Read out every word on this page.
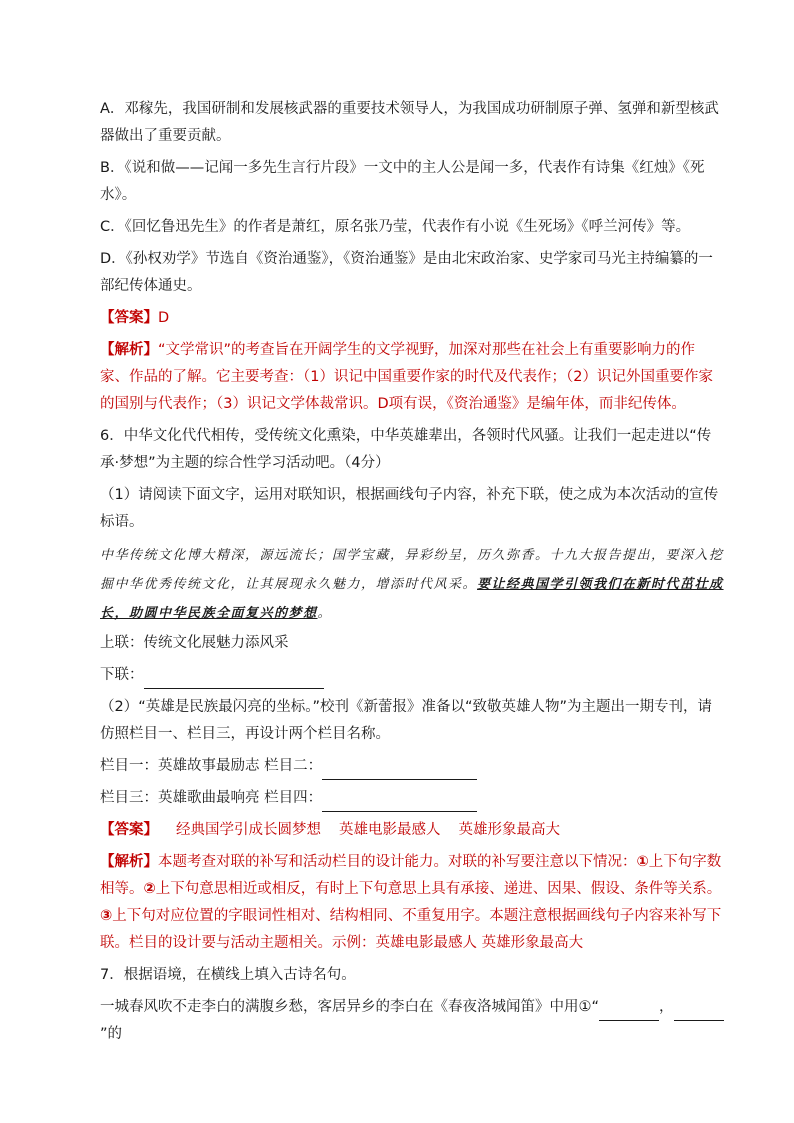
A．邓稼先，我国研制和发展核武器的重要技术领导人，为我国成功研制原子弹、氢弹和新型核武器做出了重要贡献。

B．《说和做——记闻一多先生言行片段》一文中的主人公是闻一多，代表作有诗集《红烛》《死水》。

C．《回忆鲁迅先生》的作者是萧红，原名张乃莹，代表作有小说《生死场》《呼兰河传》等。

D．《孙权劝学》节选自《资治通鉴》，《资治通鉴》是由北宋政治家、史学家司马光主持编纂的一部纪传体通史。

【答案】D

【解析】“文学常识”的考查旨在开阔学生的文学视野，加深对那些在社会上有重要影响力的作家、作品的了解。它主要考查：（1）识记中国重要作家的时代及代表作；（2）识记外国重要作家的国别与代表作；（3）识记文学体裁常识。D项有误，《资治通鉴》是编年体，而非纪传体。

6．中华文化代代相传，受传统文化熏染，中华英雄辈出，各领时代风骚。让我们一起走进以“传承·梦想”为主题的综合性学习活动吧。（4分）

（1）请阅读下面文字，运用对联知识，根据画线句子内容，补充下联，使之成为本次活动的宣传标语。

中华传统文化博大精深，源远流长；国学宝藏，异彩纷呈，历久弥香。十九大报告提出，要深入挖掘中华优秀传统文化，让其展现永久魅力，增添时代风采。要让经典国学引领我们在新时代茁壮成长，助圆中华民族全面复兴的梦想。

上联：传统文化展魅力添风采

下联：

（2）“英雄是民族最闪亮的坐标。”校刊《新蕾报》准备以“致敬英雄人物”为主题出一期专刊，请仿照栏目一、栏目三，再设计两个栏目名称。

栏目一：英雄故事最励志 栏目二：

栏目三：英雄歌曲最响亮 栏目四：

【答案】 经典国学引成长圆梦想 英雄电影最感人 英雄形象最高大

【解析】本题考查对联的补写和活动栏目的设计能力。对联的补写要注意以下情况：①上下句字数相等。②上下句意思相近或相反，有时上下句意思上具有承接、递进、因果、假设、条件等关系。③上下句对应位置的字眼词性相对、结构相同、不重复用字。本题注意根据画线句子内容来补写下联。栏目的设计要与活动主题相关。示例：英雄电影最感人 英雄形象最高大

7．根据语境，在横线上填入古诗名句。

一城春风吹不走李白的满腹乡愁，客居异乡的李白在《春夜洛城闻笛》中用①“	，”的
